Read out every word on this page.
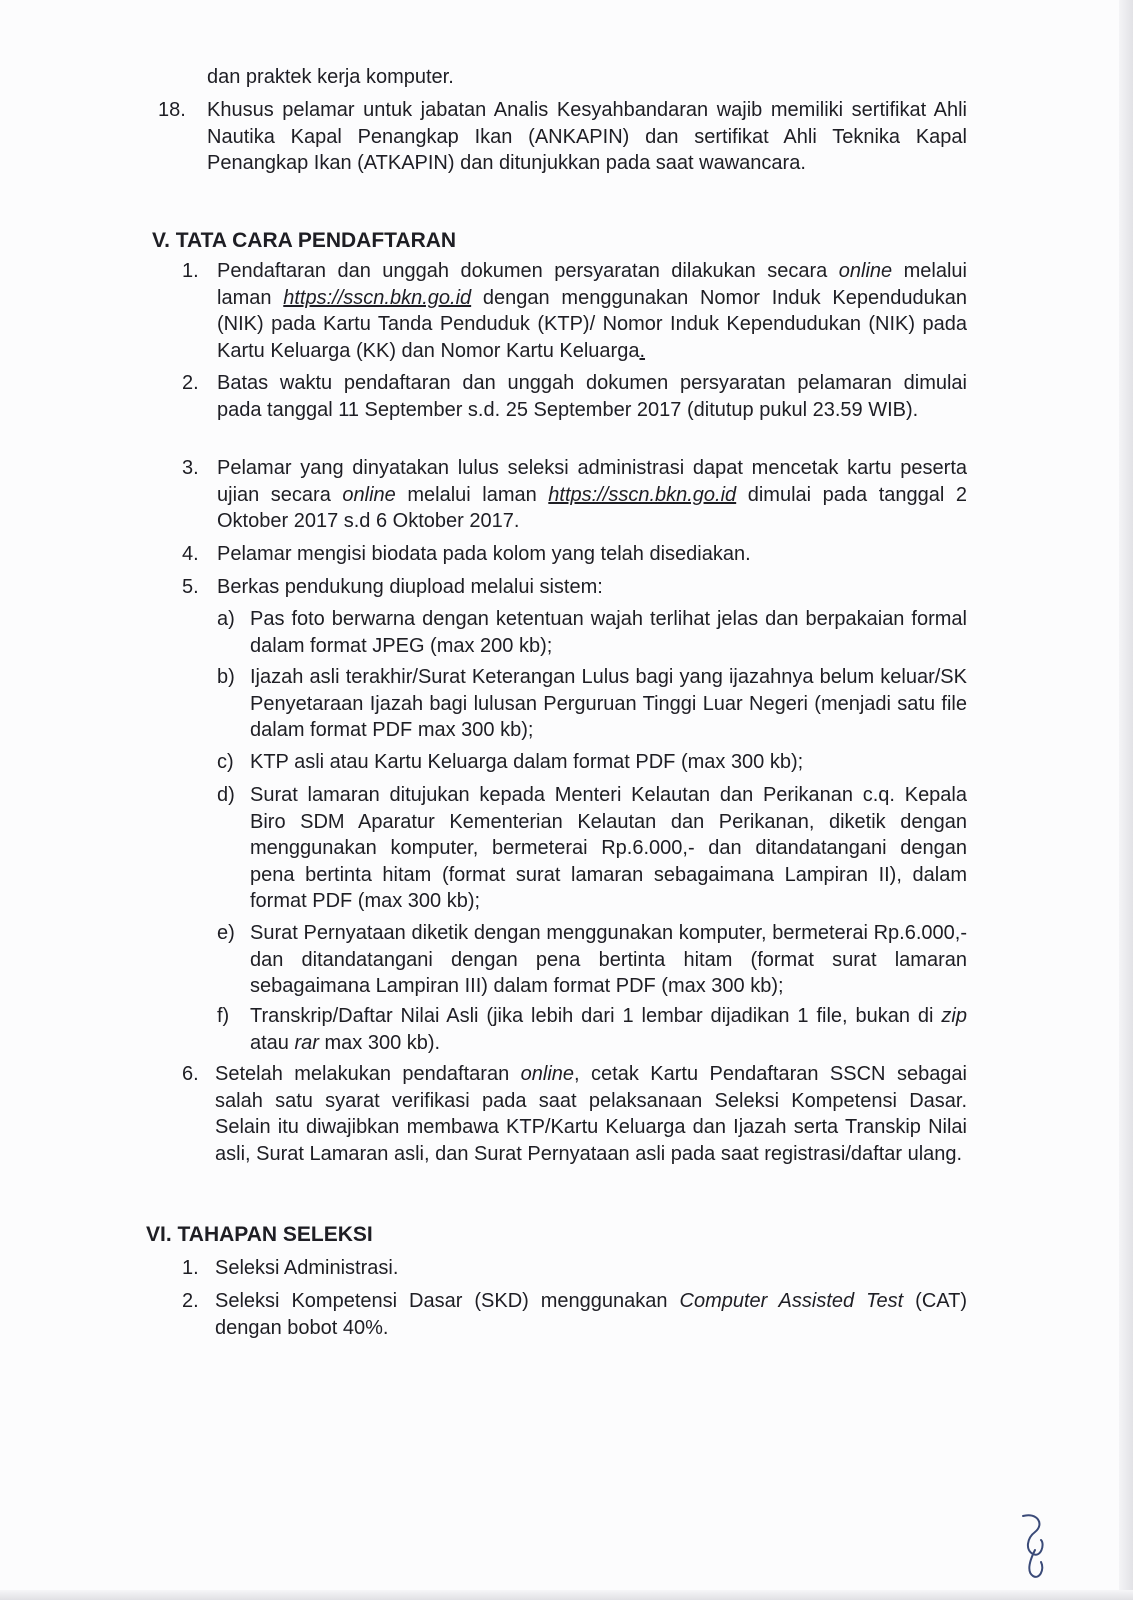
dan praktek kerja komputer.
18. Khusus pelamar untuk jabatan Analis Kesyahbandaran wajib memiliki sertifikat Ahli Nautika Kapal Penangkap Ikan (ANKAPIN) dan sertifikat Ahli Teknika Kapal Penangkap Ikan (ATKAPIN) dan ditunjukkan pada saat wawancara.
V. TATA CARA PENDAFTARAN
1. Pendaftaran dan unggah dokumen persyaratan dilakukan secara online melalui laman https://sscn.bkn.go.id dengan menggunakan Nomor Induk Kependudukan (NIK) pada Kartu Tanda Penduduk (KTP)/ Nomor Induk Kependudukan (NIK) pada Kartu Keluarga (KK) dan Nomor Kartu Keluarga.
2. Batas waktu pendaftaran dan unggah dokumen persyaratan pelamaran dimulai pada tanggal 11 September s.d. 25 September 2017 (ditutup pukul 23.59 WIB).
3. Pelamar yang dinyatakan lulus seleksi administrasi dapat mencetak kartu peserta ujian secara online melalui laman https://sscn.bkn.go.id dimulai pada tanggal 2 Oktober 2017 s.d 6 Oktober 2017.
4. Pelamar mengisi biodata pada kolom yang telah disediakan.
5. Berkas pendukung diupload melalui sistem:
a) Pas foto berwarna dengan ketentuan wajah terlihat jelas dan berpakaian formal dalam format JPEG (max 200 kb);
b) Ijazah asli terakhir/Surat Keterangan Lulus bagi yang ijazahnya belum keluar/SK Penyetaraan Ijazah bagi lulusan Perguruan Tinggi Luar Negeri (menjadi satu file dalam format PDF max 300 kb);
c) KTP asli atau Kartu Keluarga dalam format PDF (max 300 kb);
d) Surat lamaran ditujukan kepada Menteri Kelautan dan Perikanan c.q. Kepala Biro SDM Aparatur Kementerian Kelautan dan Perikanan, diketik dengan menggunakan komputer, bermeterai Rp.6.000,- dan ditandatangani dengan pena bertinta hitam (format surat lamaran sebagaimana Lampiran II), dalam format PDF (max 300 kb);
e) Surat Pernyataan diketik dengan menggunakan komputer, bermeterai Rp.6.000,- dan ditandatangani dengan pena bertinta hitam (format surat lamaran sebagaimana Lampiran III) dalam format PDF (max 300 kb);
f) Transkrip/Daftar Nilai Asli (jika lebih dari 1 lembar dijadikan 1 file, bukan di zip atau rar max 300 kb).
6. Setelah melakukan pendaftaran online, cetak Kartu Pendaftaran SSCN sebagai salah satu syarat verifikasi pada saat pelaksanaan Seleksi Kompetensi Dasar. Selain itu diwajibkan membawa KTP/Kartu Keluarga dan Ijazah serta Transkip Nilai asli, Surat Lamaran asli, dan Surat Pernyataan asli pada saat registrasi/daftar ulang.
VI. TAHAPAN SELEKSI
1. Seleksi Administrasi.
2. Seleksi Kompetensi Dasar (SKD) menggunakan Computer Assisted Test (CAT) dengan bobot 40%.
